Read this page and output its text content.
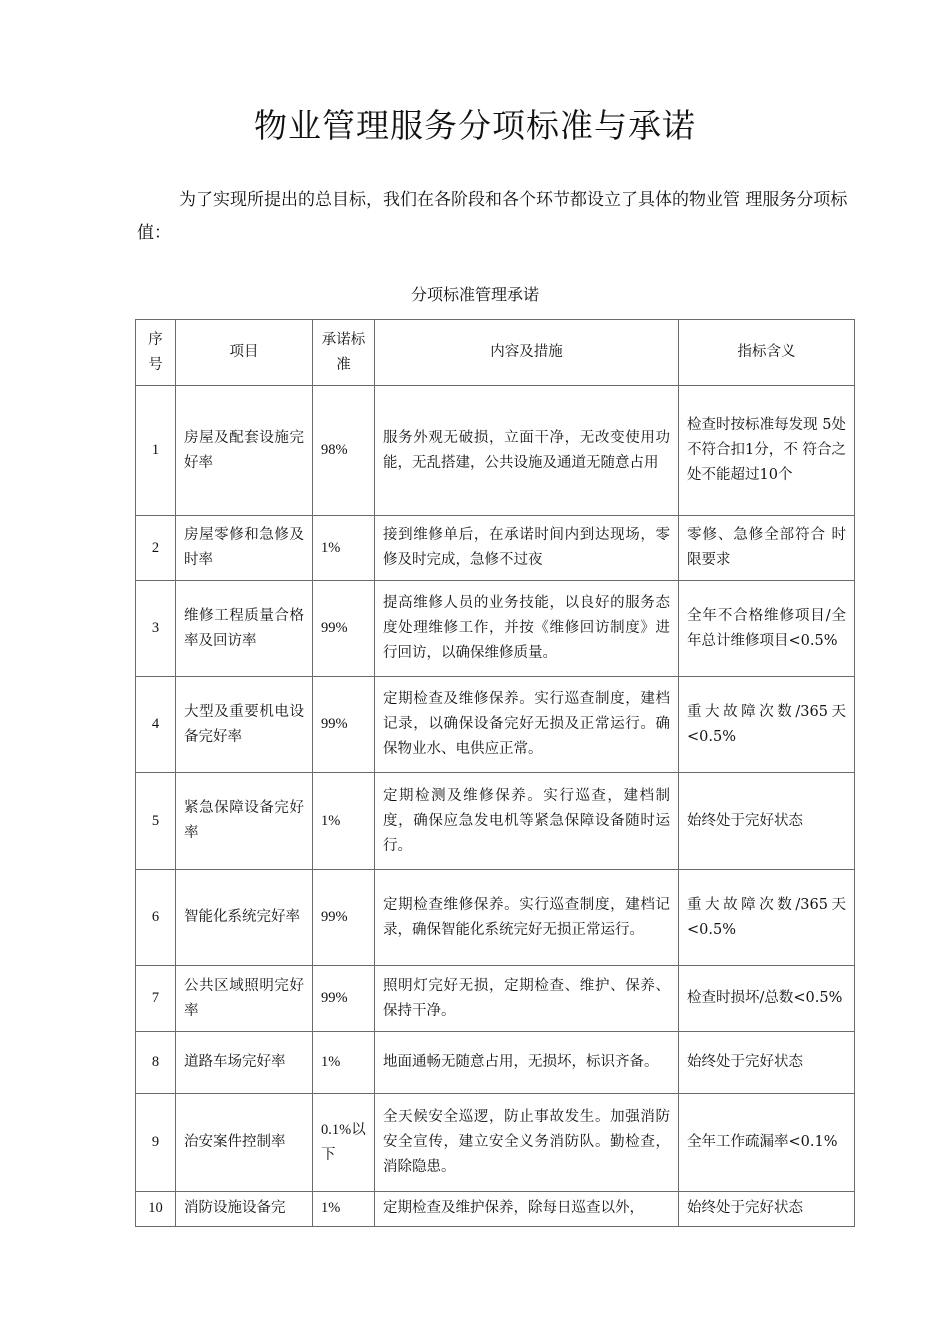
物业管理服务分项标准与承诺
为了实现所提出的总目标，我们在各阶段和各个环节都设立了具体的物业管 理服务分项标值：
分项标准管理承诺
序号	项目	承诺标准	内容及措施	指标含义
1	房屋及配套设施完好率	98%	服务外观无破损，立面干净，无改变使用功能，无乱搭建，公共设施及通道无随意占用	检查时按标准每发现 5处不符合扣1分，不 符合之处不能超过10个
2	房屋零修和急修及时率	1%	接到维修单后，在承诺时间内到达现场，零修及时完成，急修不过夜	零修、急修全部符合 时限要求
3	维修工程质量合格率及回访率	99%	提高维修人员的业务技能，以良好的服务态度处理维修工作，并按《维修回访制度》进行回访，以确保维修质量。	全年不合格维修项目/全年总计维修项目<0.5%
4	大型及重要机电设备完好率	99%	定期检查及维修保养。实行巡查制度，建档记录，以确保设备完好无损及正常运行。确保物业水、电供应正常。	重大故障次数/365天<0.5%
5	紧急保障设备完好率	1%	定期检测及维修保养。实行巡查，建档制度，确保应急发电机等紧急保障设备随时运行。	始终处于完好状态
6	智能化系统完好率	99%	定期检查维修保养。实行巡查制度，建档记录，确保智能化系统完好无损正常运行。	重大故障次数/365天<0.5%
7	公共区域照明完好率	99%	照明灯完好无损，定期检查、维护、保养、保持干净。	检查时损坏/总数<0.5%
8	道路车场完好率	1%	地面通畅无随意占用，无损坏，标识齐备。	始终处于完好状态
9	治安案件控制率	0.1%以下	全天候安全巡逻，防止事故发生。加强消防安全宣传，建立安全义务消防队。勤检查，消除隐患。	全年工作疏漏率<0.1%
10	消防设施设备完	1%	定期检查及维护保养，除每日巡查以外，	始终处于完好状态
